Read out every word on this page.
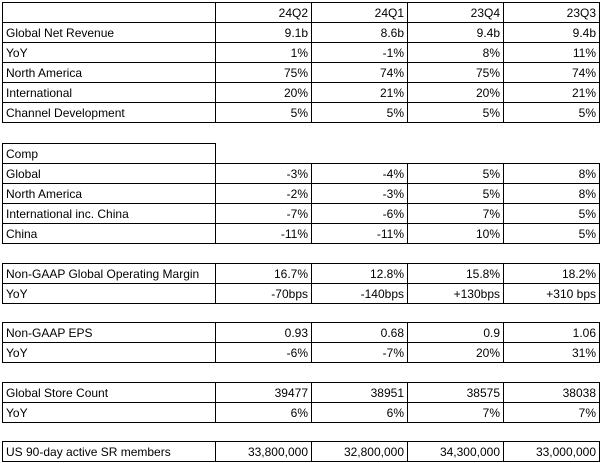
	24Q2	24Q1	23Q4	23Q3
Global Net Revenue	9.1b	8.6b	9.4b	9.4b
YoY	1%	-1%	8%	11%
North America	75%	74%	75%	74%
International	20%	21%	20%	21%
Channel Development	5%	5%	5%	5%
Comp				
Global	-3%	-4%	5%	8%
North America	-2%	-3%	5%	8%
International inc. China	-7%	-6%	7%	5%
China	-11%	-11%	10%	5%
Non-GAAP Global Operating Margin	16.7%	12.8%	15.8%	18.2%
YoY	-70bps	-140bps	+130bps	+310 bps
Non-GAAP EPS	0.93	0.68	0.9	1.06
YoY	-6%	-7%	20%	31%
Global Store Count	39477	38951	38575	38038
YoY	6%	6%	7%	7%
US 90-day active SR members	33,800,000	32,800,000	34,300,000	33,000,000
